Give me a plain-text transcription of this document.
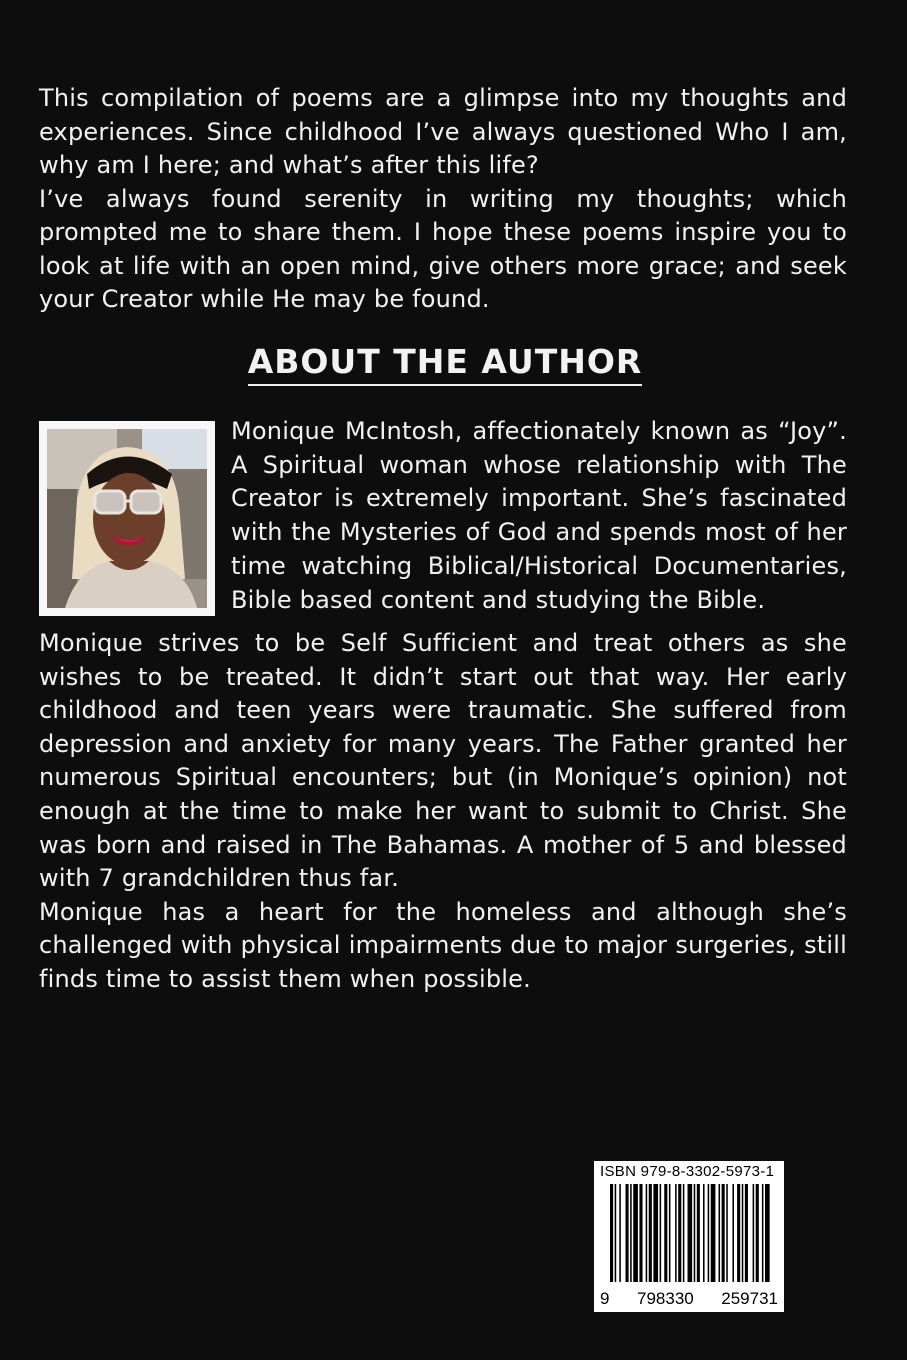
This compilation of poems are a glimpse into my thoughts and experiences. Since childhood I’ve always questioned Who I am, why am I here; and what’s after this life?

I’ve always found serenity in writing my thoughts; which prompted me to share them. I hope these poems inspire you to look at life with an open mind, give others more grace; and seek your Creator while He may be found.

ABOUT THE AUTHOR
Monique McIntosh, affectionately known as “Joy”. A Spiritual woman whose relationship with The Creator is extremely important. She’s fascinated with the Mysteries of God and spends most of her time watching Biblical/Historical Documentaries, Bible based content and studying the Bible.

Monique strives to be Self Sufficient and treat others as she wishes to be treated. It didn’t start out that way. Her early childhood and teen years were traumatic. She suffered from depression and anxiety for many years. The Father granted her numerous Spiritual encounters; but (in Monique’s opinion) not enough at the time to make her want to submit to Christ. She was born and raised in The Bahamas. A mother of 5 and blessed with 7 grandchildren thus far.

Monique has a heart for the homeless and although she’s challenged with physical impairments due to major surgeries, still finds time to assist them when possible.

ISBN 979-8-3302-5973-1
9 798330 259731
